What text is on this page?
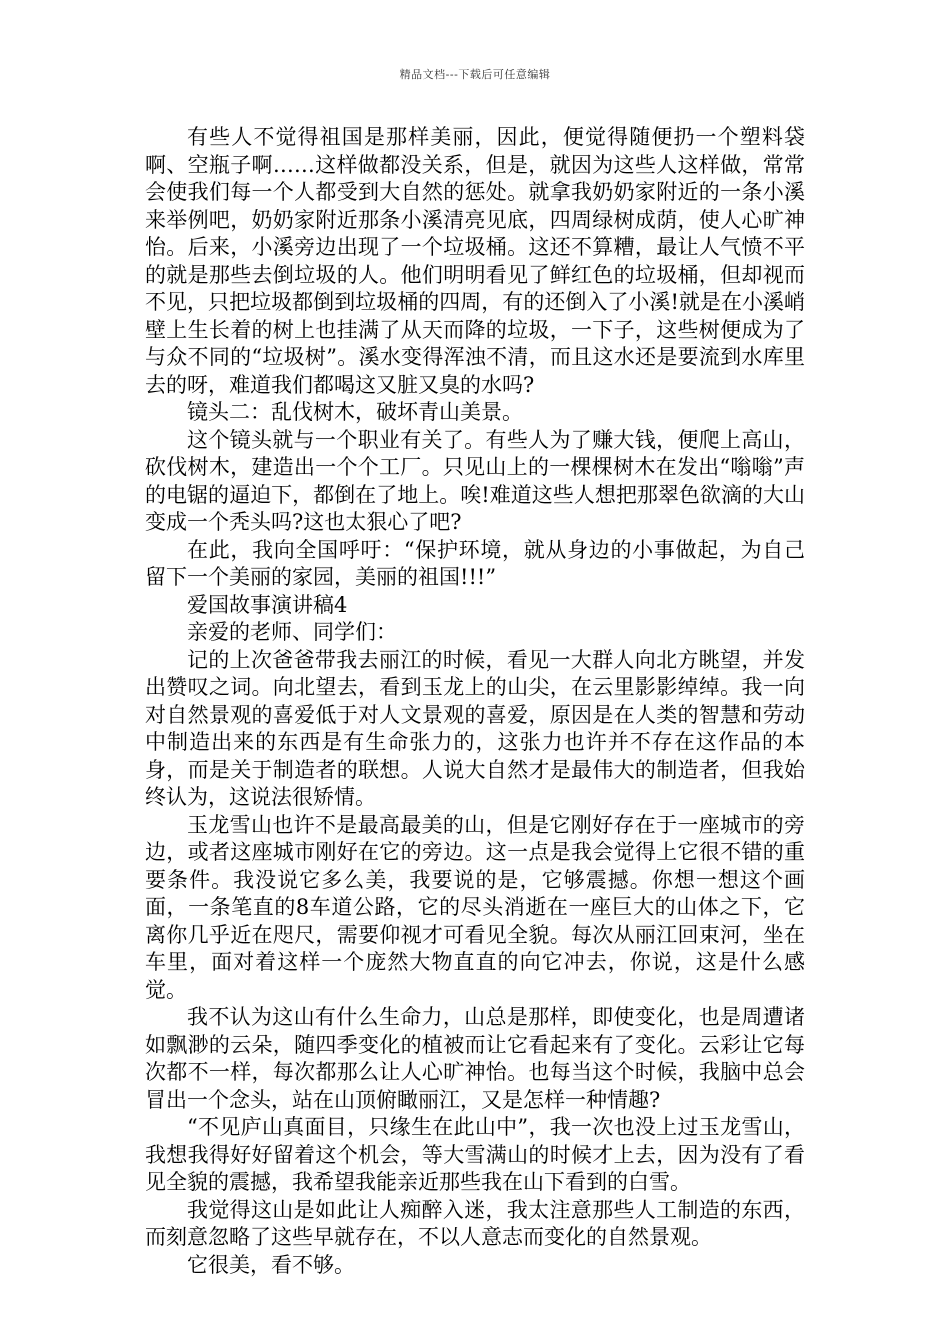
精品文档---下载后可任意编辑

有些人不觉得祖国是那样美丽，因此，便觉得随便扔一个塑料袋啊、空瓶子啊……这样做都没关系，但是，就因为这些人这样做，常常会使我们每一个人都受到大自然的惩处。就拿我奶奶家附近的一条小溪来举例吧，奶奶家附近那条小溪清亮见底，四周绿树成荫，使人心旷神怡。后来，小溪旁边出现了一个垃圾桶。这还不算糟，最让人气愤不平的就是那些去倒垃圾的人。他们明明看见了鲜红色的垃圾桶，但却视而不见，只把垃圾都倒到垃圾桶的四周，有的还倒入了小溪!就是在小溪峭壁上生长着的树上也挂满了从天而降的垃圾，一下子，这些树便成为了与众不同的“垃圾树”。溪水变得浑浊不清，而且这水还是要流到水库里去的呀，难道我们都喝这又脏又臭的水吗?

镜头二：乱伐树木，破坏青山美景。

这个镜头就与一个职业有关了。有些人为了赚大钱，便爬上高山，砍伐树木，建造出一个个工厂。只见山上的一棵棵树木在发出“嗡嗡”声的电锯的逼迫下，都倒在了地上。唉!难道这些人想把那翠色欲滴的大山变成一个秃头吗?这也太狠心了吧?

在此，我向全国呼吁：“保护环境，就从身边的小事做起，为自己留下一个美丽的家园，美丽的祖国!!!”

爱国故事演讲稿4

亲爱的老师、同学们：

记的上次爸爸带我去丽江的时候，看见一大群人向北方眺望，并发出赞叹之词。向北望去，看到玉龙上的山尖，在云里影影绰绰。我一向对自然景观的喜爱低于对人文景观的喜爱，原因是在人类的智慧和劳动中制造出来的东西是有生命张力的，这张力也许并不存在这作品的本身，而是关于制造者的联想。人说大自然才是最伟大的制造者，但我始终认为，这说法很矫情。

玉龙雪山也许不是最高最美的山，但是它刚好存在于一座城市的旁边，或者这座城市刚好在它的旁边。这一点是我会觉得上它很不错的重要条件。我没说它多么美，我要说的是，它够震撼。你想一想这个画面，一条笔直的8车道公路，它的尽头消逝在一座巨大的山体之下，它离你几乎近在咫尺，需要仰视才可看见全貌。每次从丽江回束河，坐在车里，面对着这样一个庞然大物直直的向它冲去，你说，这是什么感觉。

我不认为这山有什么生命力，山总是那样，即使变化，也是周遭诸如飘渺的云朵，随四季变化的植被而让它看起来有了变化。云彩让它每次都不一样，每次都那么让人心旷神怡。也每当这个时候，我脑中总会冒出一个念头，站在山顶俯瞰丽江，又是怎样一种情趣?

“不见庐山真面目，只缘生在此山中”，我一次也没上过玉龙雪山，我想我得好好留着这个机会，等大雪满山的时候才上去，因为没有了看见全貌的震撼，我希望我能亲近那些我在山下看到的白雪。

我觉得这山是如此让人痴醉入迷，我太注意那些人工制造的东西，而刻意忽略了这些早就存在，不以人意志而变化的自然景观。

它很美，看不够。
